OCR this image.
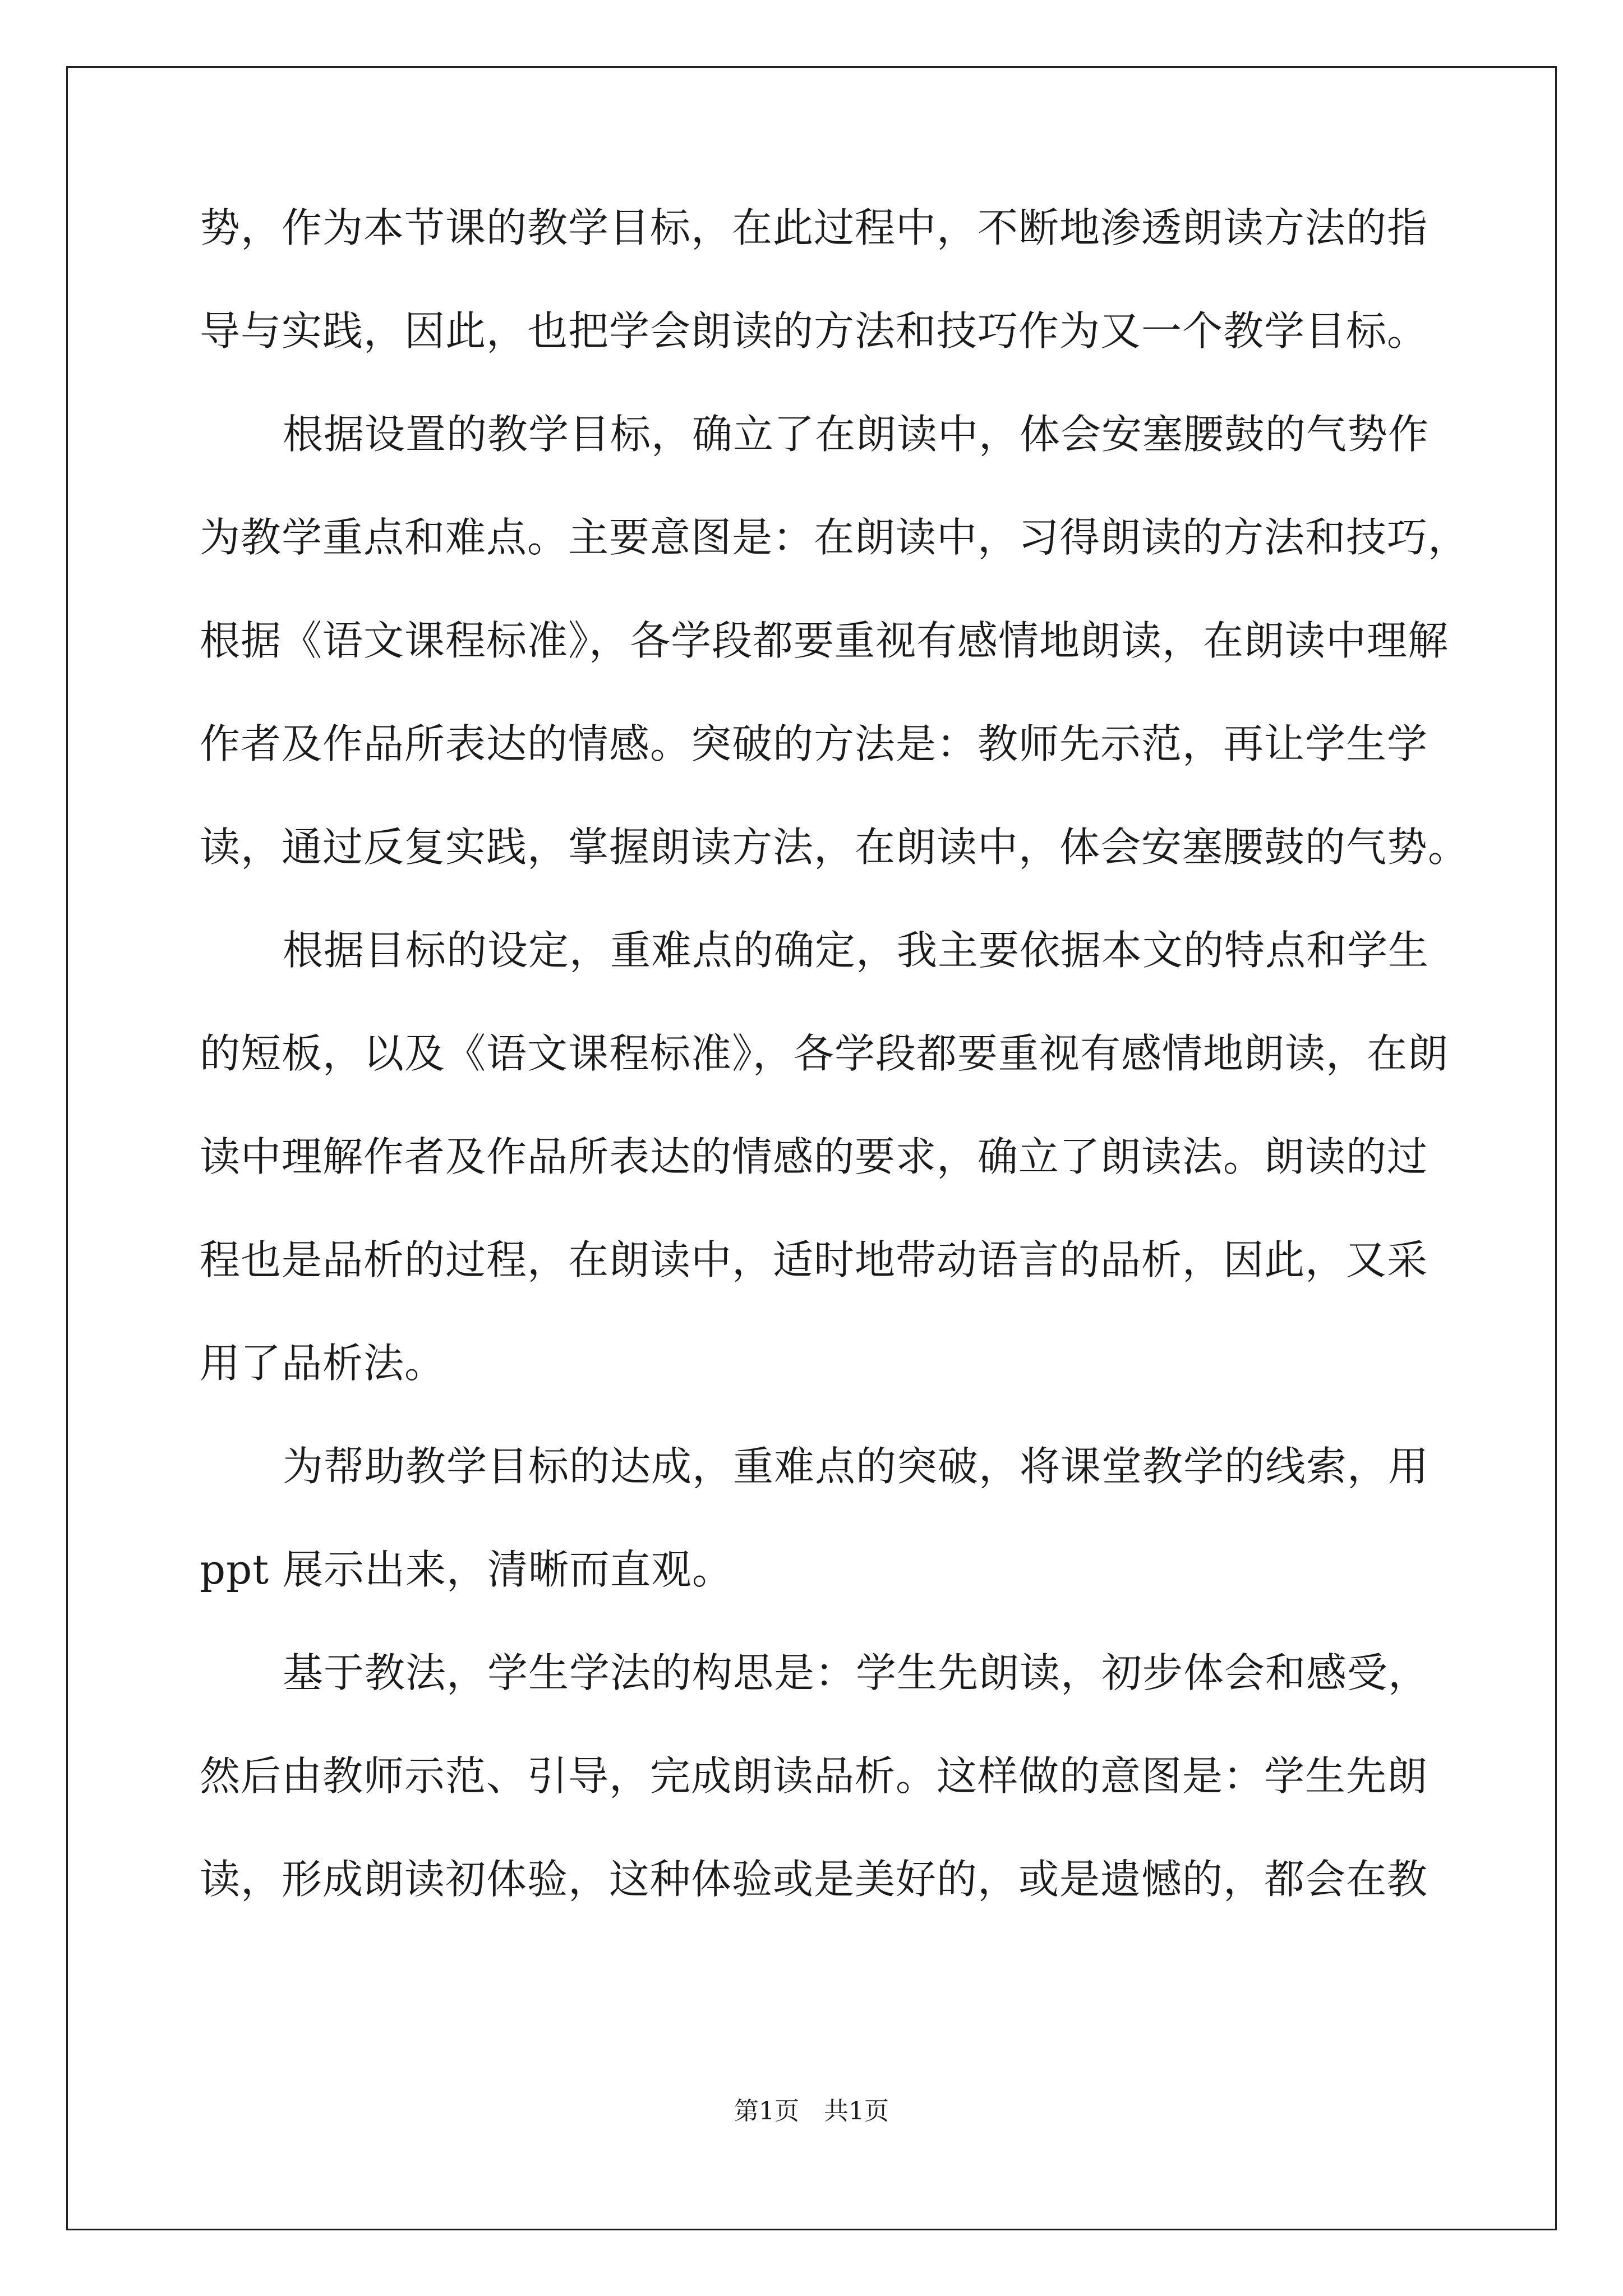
势，作为本节课的教学目标，在此过程中，不断地渗透朗读方法的指
导与实践，因此，也把学会朗读的方法和技巧作为又一个教学目标。
根据设置的教学目标，确立了在朗读中，体会安塞腰鼓的气势作
为教学重点和难点。主要意图是：在朗读中，习得朗读的方法和技巧，
根据《语文课程标准》，各学段都要重视有感情地朗读，在朗读中理解
作者及作品所表达的情感。突破的方法是：教师先示范，再让学生学
读，通过反复实践，掌握朗读方法，在朗读中，体会安塞腰鼓的气势。
根据目标的设定，重难点的确定，我主要依据本文的特点和学生
的短板，以及《语文课程标准》，各学段都要重视有感情地朗读，在朗
读中理解作者及作品所表达的情感的要求，确立了朗读法。朗读的过
程也是品析的过程，在朗读中，适时地带动语言的品析，因此，又采
用了品析法。
为帮助教学目标的达成，重难点的突破，将课堂教学的线索，用
ppt 展示出来，清晰而直观。
基于教法，学生学法的构思是：学生先朗读，初步体会和感受，
然后由教师示范、引导，完成朗读品析。这样做的意图是：学生先朗
读，形成朗读初体验，这种体验或是美好的，或是遗憾的，都会在教
第1页 共1页
